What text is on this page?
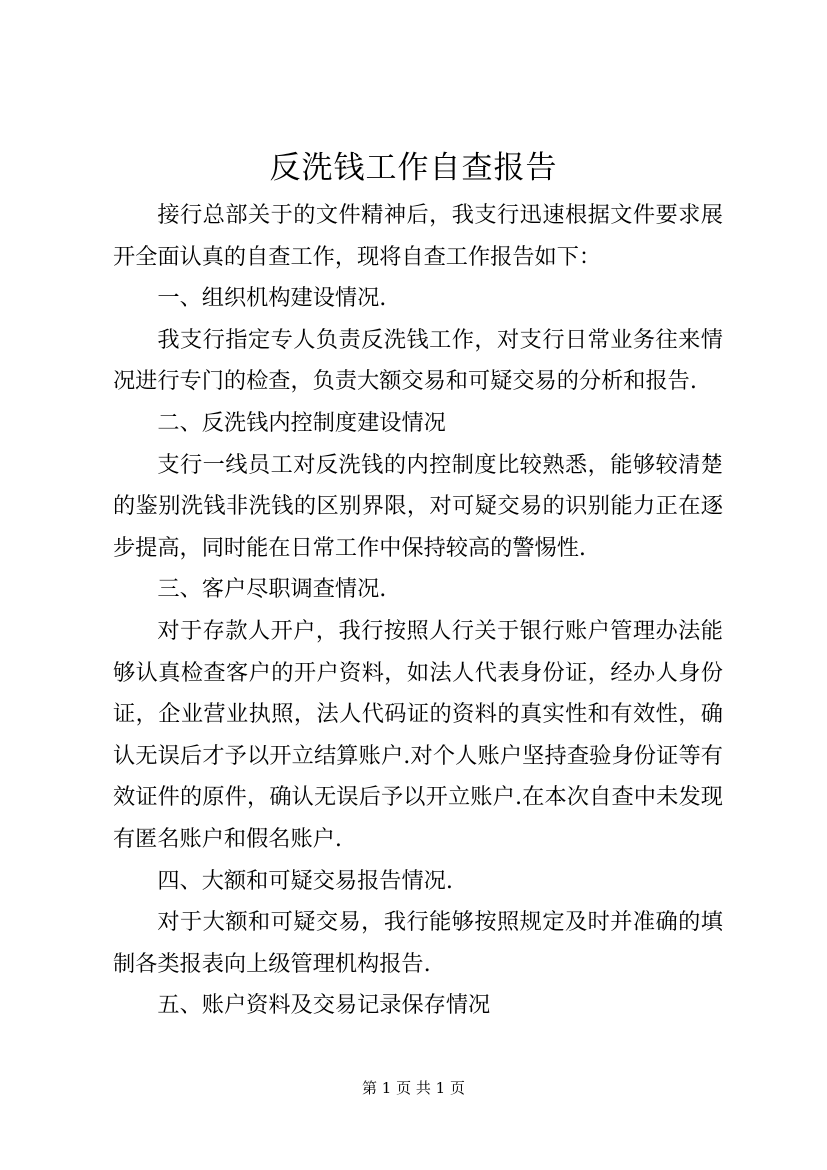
反洗钱工作自查报告

接行总部关于的文件精神后，我支行迅速根据文件要求展开全面认真的自查工作，现将自查工作报告如下：

一、组织机构建设情况.

我支行指定专人负责反洗钱工作，对支行日常业务往来情况进行专门的检查，负责大额交易和可疑交易的分析和报告.

二、反洗钱内控制度建设情况

支行一线员工对反洗钱的内控制度比较熟悉，能够较清楚的鉴别洗钱非洗钱的区别界限，对可疑交易的识别能力正在逐步提高，同时能在日常工作中保持较高的警惕性.

三、客户尽职调查情况.

对于存款人开户，我行按照人行关于银行账户管理办法能够认真检查客户的开户资料，如法人代表身份证，经办人身份证，企业营业执照，法人代码证的资料的真实性和有效性，确认无误后才予以开立结算账户.对个人账户坚持查验身份证等有效证件的原件，确认无误后予以开立账户.在本次自查中未发现有匿名账户和假名账户.

四、大额和可疑交易报告情况.

对于大额和可疑交易，我行能够按照规定及时并准确的填制各类报表向上级管理机构报告.

五、账户资料及交易记录保存情况

第 1 页 共 1 页
